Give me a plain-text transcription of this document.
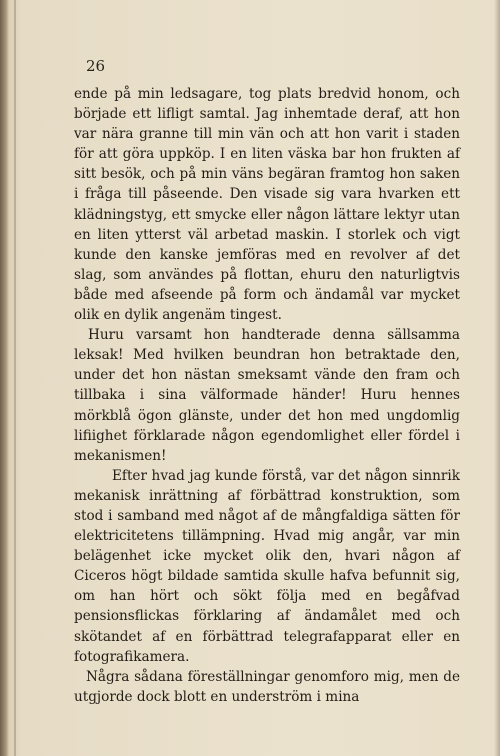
26

ende på min ledsagare, tog plats bredvid honom, och började ett lifligt samtal. Jag inhemtade deraf, att hon var nära granne till min vän och att hon varit i staden för att göra uppköp. I en liten väska bar hon frukten af sitt besök, och på min väns begäran framtog hon saken i fråga till påseende. Den visade sig vara hvarken ett klädningstyg, ett smycke eller någon lättare lektyr utan en liten ytterst väl arbetad maskin. I storlek och vigt kunde den kanske jemföras med en revolver af det slag, som användes på flottan, ehuru den naturligtvis både med afseende på form och ändamål var mycket olik en dylik angenäm tingest.

Huru varsamt hon handterade denna sällsamma leksak! Med hvilken beundran hon betraktade den, under det hon nästan smeksamt vände den fram och tillbaka i sina välformade händer! Huru hennes mörkblå ögon glänste, under det hon med ungdomlig lifiighet förklarade någon egendomlighet eller fördel i mekanismen!

Efter hvad jag kunde förstå, var det någon sinnrik mekanisk inrättning af förbättrad konstruktion, som stod i samband med något af de mångfaldiga sätten för elektricitetens tillämpning. Hvad mig angår, var min belägenhet icke mycket olik den, hvari någon af Ciceros högt bildade samtida skulle hafva befunnit sig, om han hört och sökt följa med en begåfvad pensionsflickas förklaring af ändamålet med och skötandet af en förbättrad telegrafapparat eller en fotografikamera.

Några sådana föreställningar genomforo mig, men de utgjorde dock blott en underström i mina
